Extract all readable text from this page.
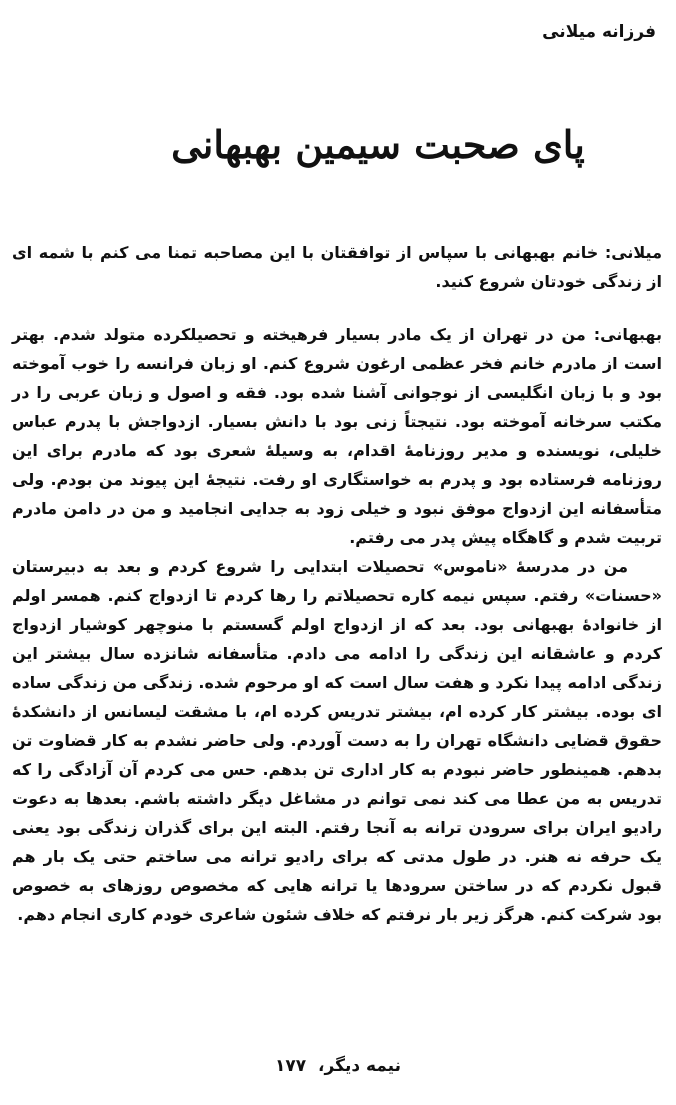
فرزانه میلانی
پای صحبت سیمین بهبهانی

میلانی: خانم بهبهانی با سپاس از توافقتان با این مصاحبه تمنا می کنم با شمه ای از زندگی خودتان شروع کنید.

بهبهانی: من در تهران از یک مادر بسیار فرهیخته و تحصیلکرده متولد شدم. بهتر است از مادرم خانم فخر عظمی ارغون شروع کنم. او زبان فرانسه را خوب آموخته بود و با زبان انگلیسی از نوجوانی آشنا شده بود. فقه و اصول و زبان عربی را در مکتب سرخانه آموخته بود. نتیجتاً زنی بود با دانش بسیار. ازدواجش با پدرم عباس خلیلی، نویسنده و مدیر روزنامهٔ اقدام، به وسیلهٔ شعری بود که مادرم برای این روزنامه فرستاده بود و پدرم به خواستگاری او رفت. نتیجهٔ این پیوند من بودم. ولی متأسفانه این ازدواج موفق نبود و خیلی زود به جدایی انجامید و من در دامن مادرم تربیت شدم و گاهگاه پیش پدر می رفتم.

من در مدرسهٔ «ناموس» تحصیلات ابتدایی را شروع کردم و بعد به دبیرستان «حسنات» رفتم. سپس نیمه کاره تحصیلاتم را رها کردم تا ازدواج کنم. همسر اولم از خانوادهٔ بهبهانی بود. بعد که از ازدواج اولم گسستم با منوچهر کوشیار ازدواج کردم و عاشقانه این زندگی را ادامه می دادم. متأسفانه شانزده سال بیشتر این زندگی ادامه پیدا نکرد و هفت سال است که او مرحوم شده. زندگی من زندگی ساده ای بوده. بیشتر کار کرده ام، بیشتر تدریس کرده ام، با مشقت لیسانس از دانشکدهٔ حقوق قضایی دانشگاه تهران را به دست آوردم. ولی حاضر نشدم به کار قضاوت تن بدهم. همینطور حاضر نبودم به کار اداری تن بدهم. حس می کردم آن آزادگی را که تدریس به من عطا می کند نمی توانم در مشاغل دیگر داشته باشم. بعدها به دعوت رادیو ایران برای سرودن ترانه به آنجا رفتم. البته این برای گذران زندگی بود یعنی یک حرفه نه هنر. در طول مدتی که برای رادیو ترانه می ساختم حتی یک بار هم قبول نکردم که در ساختن سرودها یا ترانه هایی که مخصوص روزهای به خصوص بود شرکت کنم. هرگز زیر بار نرفتم که خلاف شئون شاعری خودم کاری انجام دهم.

نیمه دیگر، ۱۷۷
